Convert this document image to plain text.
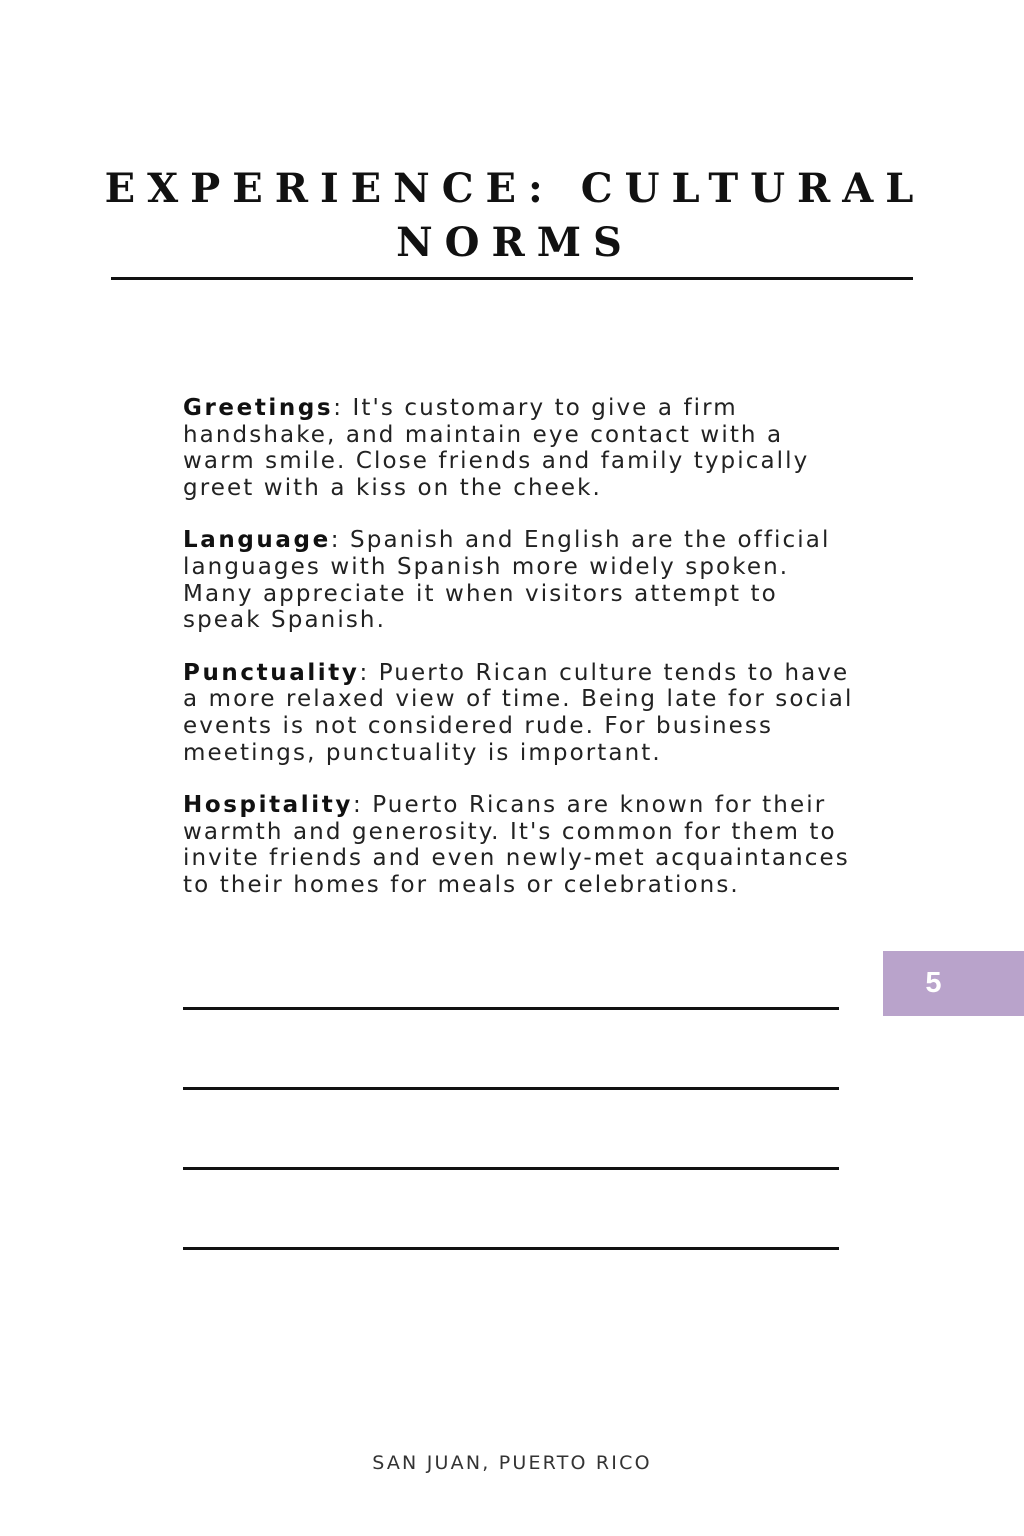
EXPERIENCE: CULTURAL NORMS

Greetings: It's customary to give a firm handshake, and maintain eye contact with a warm smile. Close friends and family typically greet with a kiss on the cheek.

Language: Spanish and English are the official languages with Spanish more widely spoken. Many appreciate it when visitors attempt to speak Spanish.

Punctuality: Puerto Rican culture tends to have a more relaxed view of time. Being late for social events is not considered rude. For business meetings, punctuality is important.

Hospitality: Puerto Ricans are known for their warmth and generosity. It's common for them to invite friends and even newly-met acquaintances to their homes for meals or celebrations.

5
SAN JUAN, PUERTO RICO
